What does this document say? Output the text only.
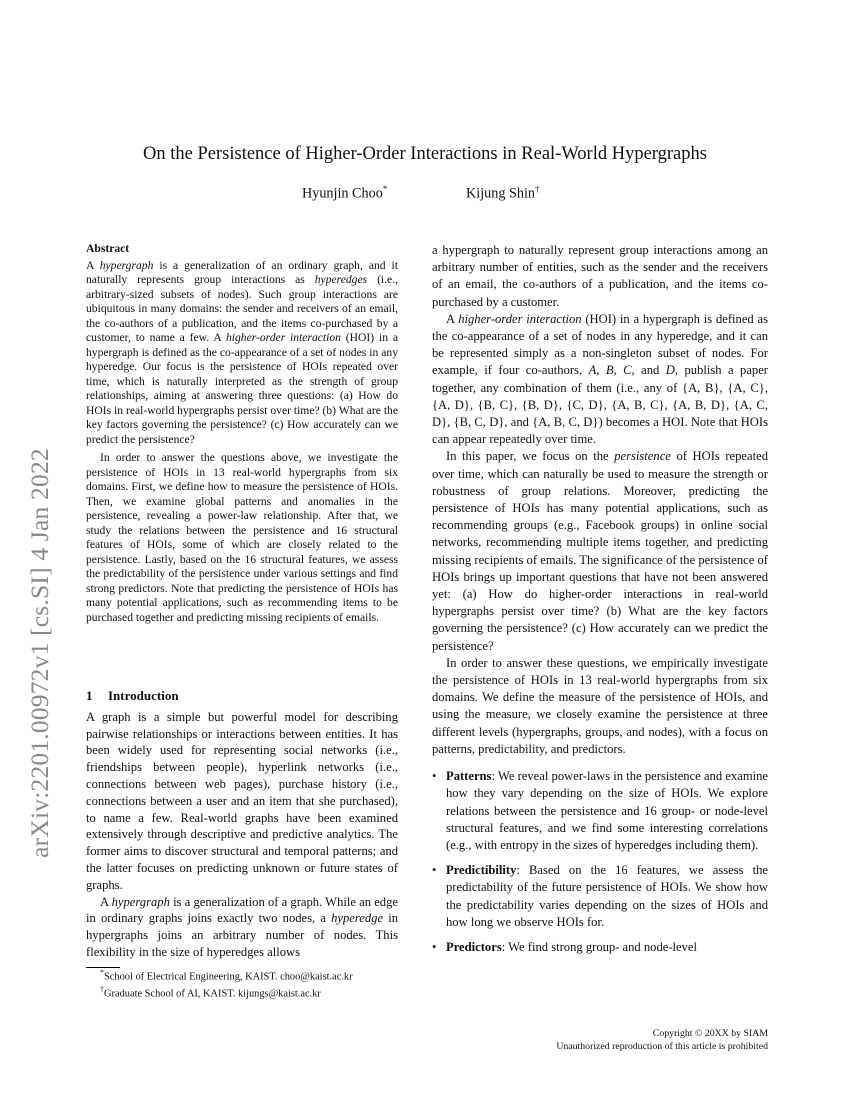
arXiv:2201.00972v1 [cs.SI] 4 Jan 2022
On the Persistence of Higher-Order Interactions in Real-World Hypergraphs
Hyunjin Choo*	Kijung Shin†

Abstract

A hypergraph is a generalization of an ordinary graph, and it naturally represents group interactions as hyperedges (i.e., arbitrary-sized subsets of nodes). Such group interactions are ubiquitous in many domains: the sender and receivers of an email, the co-authors of a publication, and the items co-purchased by a customer, to name a few. A higher-order interaction (HOI) in a hypergraph is defined as the co-appearance of a set of nodes in any hyperedge. Our focus is the persistence of HOIs repeated over time, which is naturally interpreted as the strength of group relationships, aiming at answering three questions: (a) How do HOIs in real-world hypergraphs persist over time? (b) What are the key factors governing the persistence? (c) How accurately can we predict the persistence?

In order to answer the questions above, we investigate the persistence of HOIs in 13 real-world hypergraphs from six domains. First, we define how to measure the persistence of HOIs. Then, we examine global patterns and anomalies in the persistence, revealing a power-law relationship. After that, we study the relations between the persistence and 16 structural features of HOIs, some of which are closely related to the persistence. Lastly, based on the 16 structural features, we assess the predictability of the persistence under various settings and find strong predictors. Note that predicting the persistence of HOIs has many potential applications, such as recommending items to be purchased together and predicting missing recipients of emails.

1 Introduction

A graph is a simple but powerful model for describing pairwise relationships or interactions between entities. It has been widely used for representing social networks (i.e., friendships between people), hyperlink networks (i.e., connections between web pages), purchase history (i.e., connections between a user and an item that she purchased), to name a few. Real-world graphs have been examined extensively through descriptive and predictive analytics. The former aims to discover structural and temporal patterns; and the latter focuses on predicting unknown or future states of graphs.

A hypergraph is a generalization of a graph. While an edge in ordinary graphs joins exactly two nodes, a hyperedge in hypergraphs joins an arbitrary number of nodes. This flexibility in the size of hyperedges allows

*School of Electrical Engineering, KAIST. choo@kaist.ac.kr
†Graduate School of AI, KAIST. kijungs@kaist.ac.kr

a hypergraph to naturally represent group interactions among an arbitrary number of entities, such as the sender and the receivers of an email, the co-authors of a publication, and the items co-purchased by a customer.

A higher-order interaction (HOI) in a hypergraph is defined as the co-appearance of a set of nodes in any hyperedge, and it can be represented simply as a non-singleton subset of nodes. For example, if four co-authors, A, B, C, and D, publish a paper together, any combination of them (i.e., any of {A, B}, {A, C}, {A, D}, {B, C}, {B, D}, {C, D}, {A, B, C}, {A, B, D}, {A, C, D}, {B, C, D}, and {A, B, C, D}) becomes a HOI. Note that HOIs can appear repeatedly over time.

In this paper, we focus on the persistence of HOIs repeated over time, which can naturally be used to measure the strength or robustness of group relations. Moreover, predicting the persistence of HOIs has many potential applications, such as recommending groups (e.g., Facebook groups) in online social networks, recommending multiple items together, and predicting missing recipients of emails. The significance of the persistence of HOIs brings up important questions that have not been answered yet: (a) How do higher-order interactions in real-world hypergraphs persist over time? (b) What are the key factors governing the persistence? (c) How accurately can we predict the persistence?

In order to answer these questions, we empirically investigate the persistence of HOIs in 13 real-world hypergraphs from six domains. We define the measure of the persistence of HOIs, and using the measure, we closely examine the persistence at three different levels (hypergraphs, groups, and nodes), with a focus on patterns, predictability, and predictors.

• Patterns: We reveal power-laws in the persistence and examine how they vary depending on the size of HOIs. We explore relations between the persistence and 16 group- or node-level structural features, and we find some interesting correlations (e.g., with entropy in the sizes of hyperedges including them).
• Predictibility: Based on the 16 features, we assess the predictability of the future persistence of HOIs. We show how the predictability varies depending on the sizes of HOIs and how long we observe HOIs for.
• Predictors: We find strong group- and node-level
Copyright © 20XX by SIAM
Unauthorized reproduction of this article is prohibited
